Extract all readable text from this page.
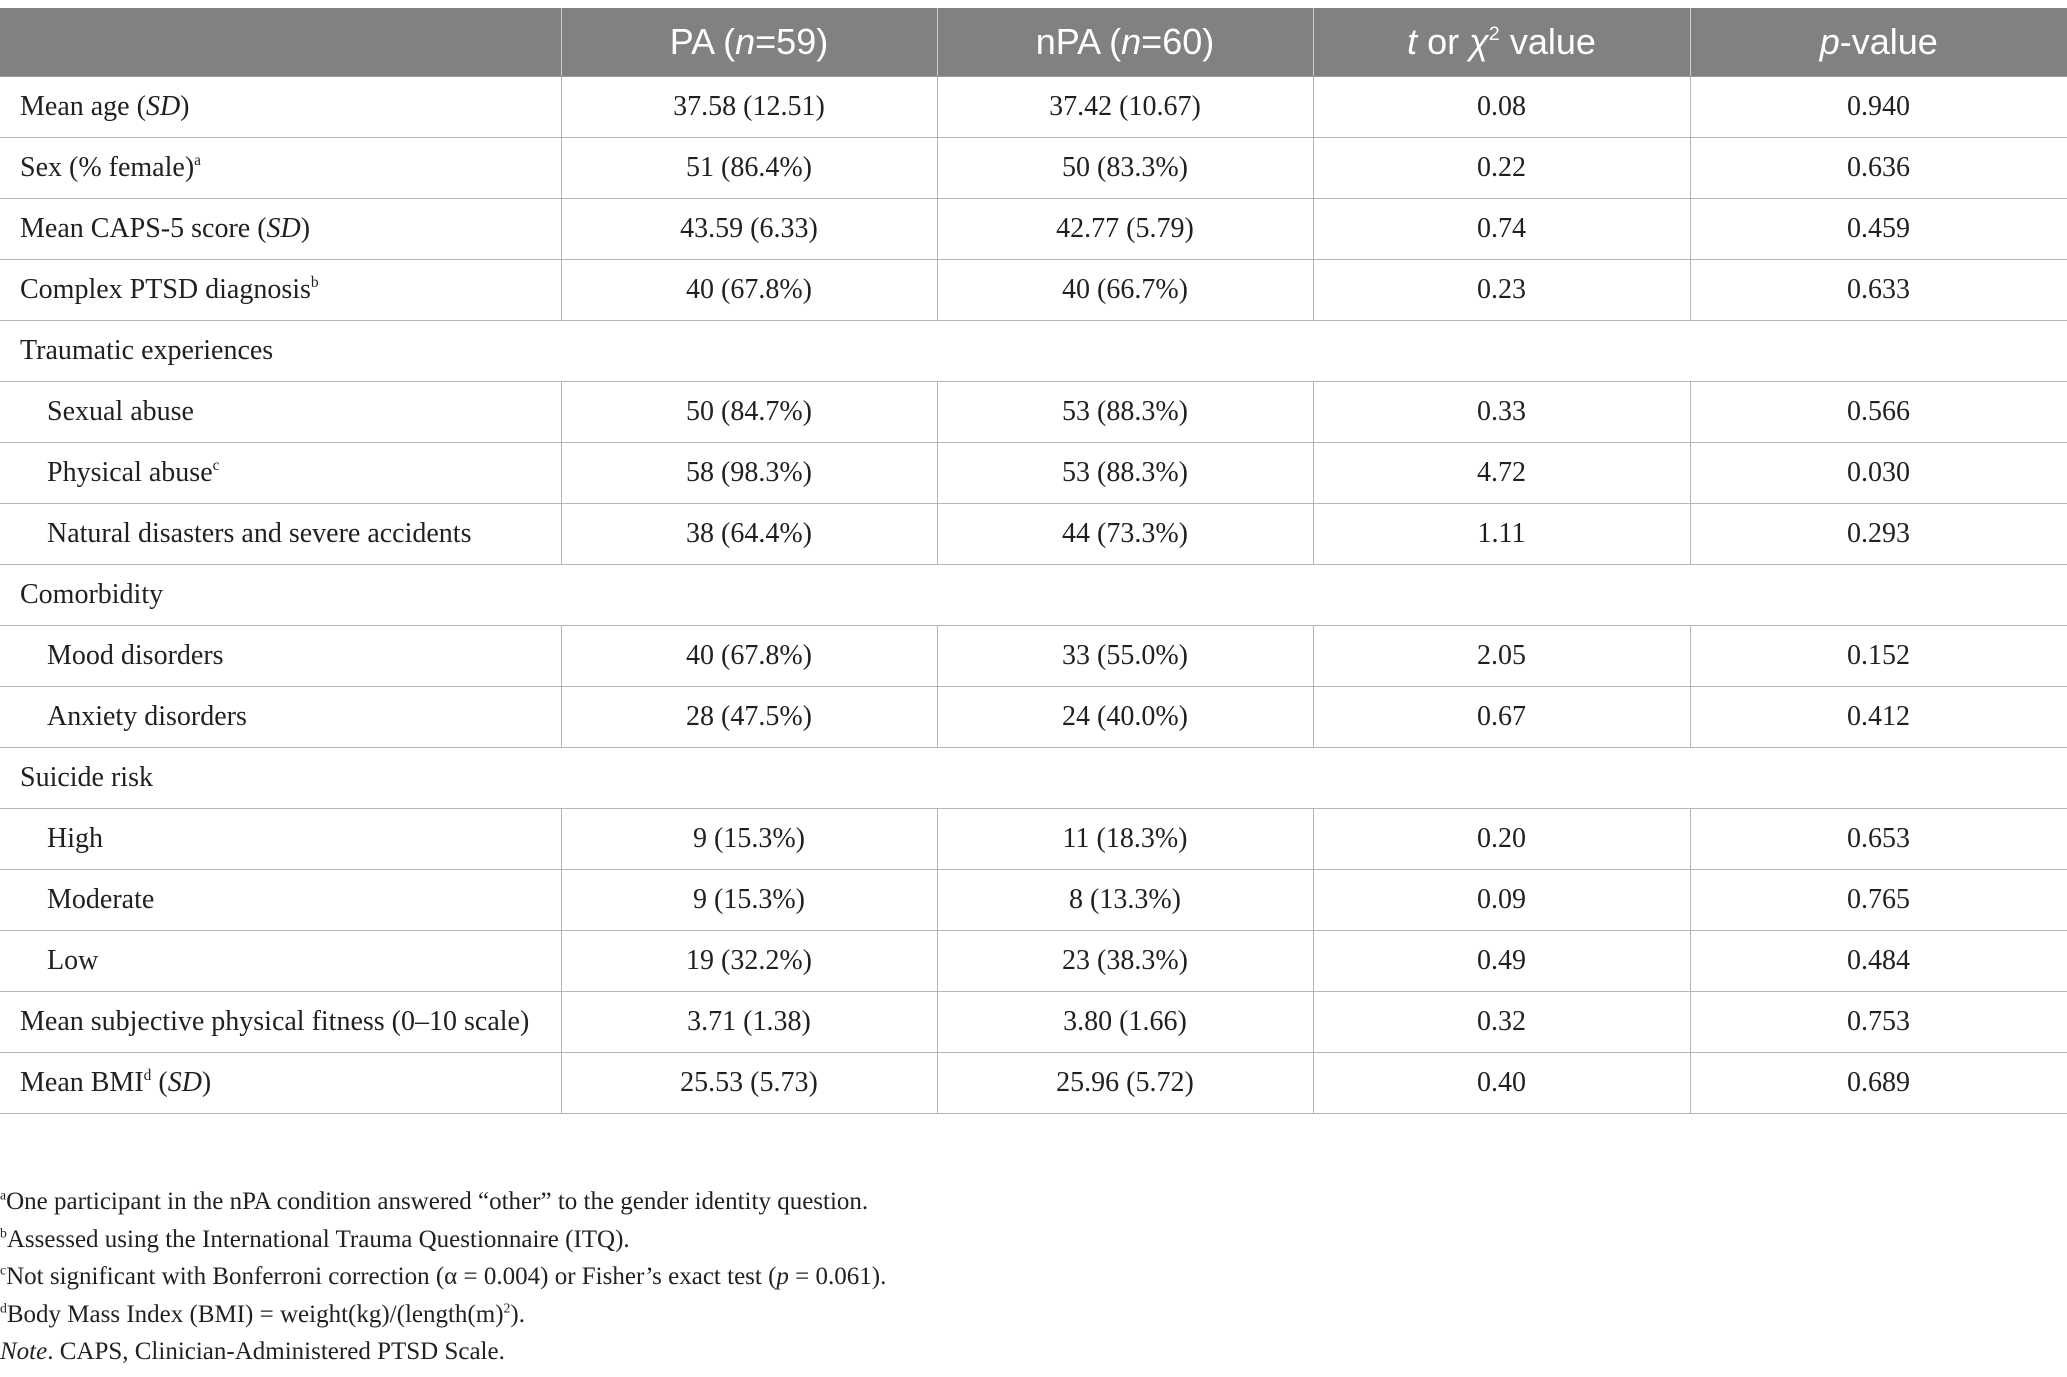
	PA (n=59)	nPA (n=60)	t or $\chi^2$ value	p-value
Mean age (SD)	37.58 (12.51)	37.42 (10.67)	0.08	0.940
Sex (% female)$^a$	51 (86.4%)	50 (83.3%)	0.22	0.636
Mean CAPS-5 score (SD)	43.59 (6.33)	42.77 (5.79)	0.74	0.459
Complex PTSD diagnosis$^b$	40 (67.8%)	40 (66.7%)	0.23	0.633
Traumatic experiences				
Sexual abuse	50 (84.7%)	53 (88.3%)	0.33	0.566
Physical abuse$^c$	58 (98.3%)	53 (88.3%)	4.72	0.030
Natural disasters and severe accidents	38 (64.4%)	44 (73.3%)	1.11	0.293
Comorbidity				
Mood disorders	40 (67.8%)	33 (55.0%)	2.05	0.152
Anxiety disorders	28 (47.5%)	24 (40.0%)	0.67	0.412
Suicide risk				
High	9 (15.3%)	11 (18.3%)	0.20	0.653
Moderate	9 (15.3%)	8 (13.3%)	0.09	0.765
Low	19 (32.2%)	23 (38.3%)	0.49	0.484
Mean subjective physical fitness (0–10 scale)	3.71 (1.38)	3.80 (1.66)	0.32	0.753
Mean BMI$^d$ (SD)	25.53 (5.73)	25.96 (5.72)	0.40	0.689
$^a$One participant in the nPA condition answered “other” to the gender identity question.
$^b$Assessed using the International Trauma Questionnaire (ITQ).
$^c$Not significant with Bonferroni correction (α = 0.004) or Fisher’s exact test (p = 0.061).
$^d$Body Mass Index $(BMI) = weight(kg)/(length(m)^2)$.
Note. CAPS, Clinician-Administered PTSD Scale.
